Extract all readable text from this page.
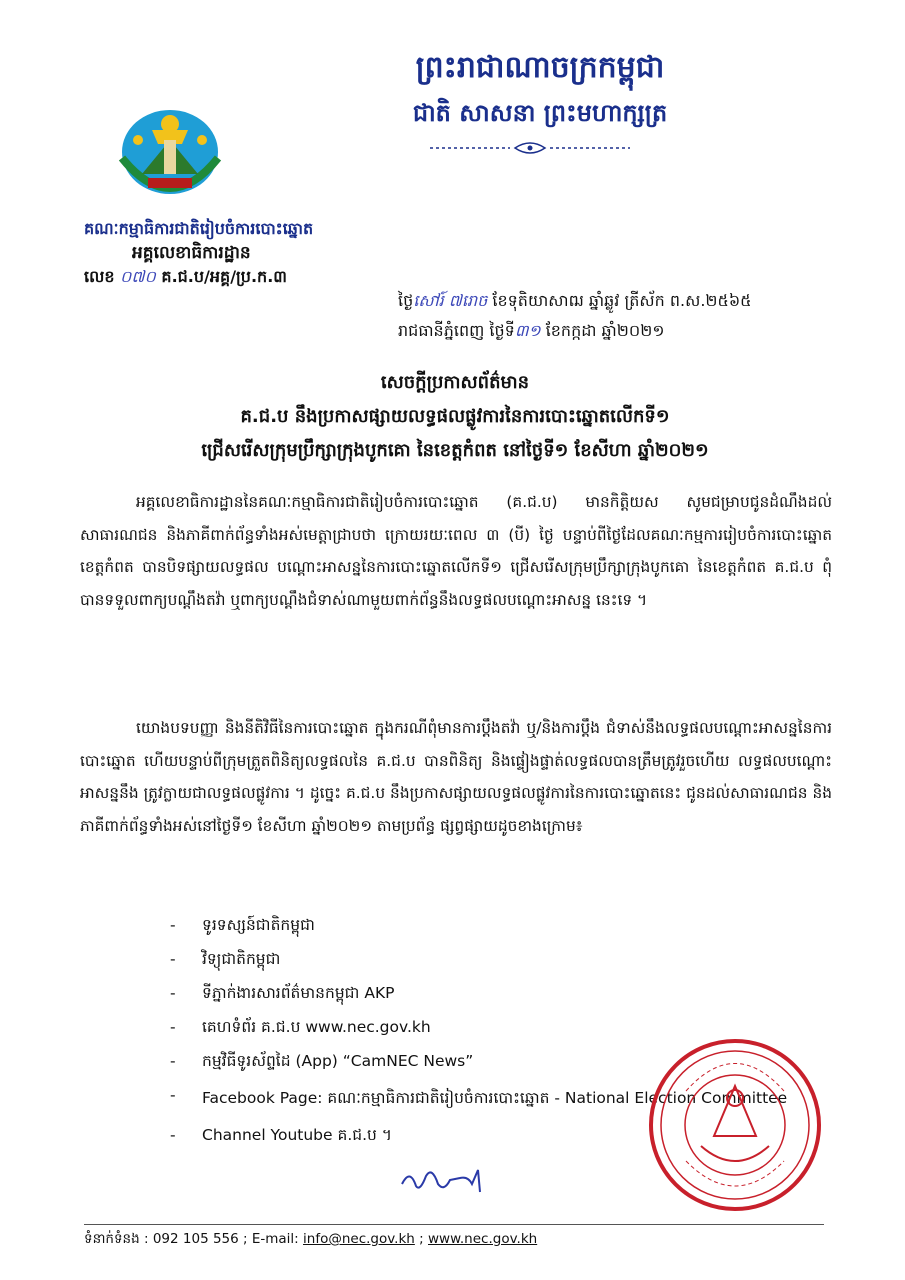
ព្រះរាជាណាចក្រកម្ពុជា
ជាតិ សាសនា ព្រះមហាក្សត្រ
គណៈកម្មាធិការជាតិរៀបចំការបោះឆ្នោត
អគ្គលេខាធិការដ្ឋាន
លេខ ០៧០ គ.ជ.ប/អគ្គ/ប្រ.ក.៣
ថ្ងៃសៅរ៍ ៧រោច ខែទុតិយាសាឍ ឆ្នាំឆ្លូវ ត្រីស័ក ព.ស.២៥៦៥
រាជធានីភ្នំពេញ ថ្ងៃទី៣១ ខែកក្កដា ឆ្នាំ២០២១
សេចក្តីប្រកាសព័ត៌មាន
គ.ជ.ប នឹងប្រកាសផ្សាយលទ្ធផលផ្លូវការនៃការបោះឆ្នោតលើកទី១
ជ្រើសរើសក្រុមប្រឹក្សាក្រុងបូកគោ នៃខេត្តកំពត នៅថ្ងៃទី១ ខែសីហា ឆ្នាំ២០២១
អគ្គលេខាធិការដ្ឋាននៃគណៈកម្មាធិការជាតិរៀបចំការបោះឆ្នោត (គ.ជ.ប) មានកិត្តិយស សូមជម្រាបជូនដំណឹងដល់សាធារណជន និងភាគីពាក់ព័ន្ធទាំងអស់មេត្តាជ្រាបថា ក្រោយរយៈពេល ៣ (បី) ថ្ងៃ បន្ទាប់ពីថ្ងៃដែលគណៈកម្មការរៀបចំការបោះឆ្នោត ខេត្តកំពត បានបិទផ្សាយលទ្ធផល បណ្តោះអាសន្ននៃការបោះឆ្នោតលើកទី១ ជ្រើសរើសក្រុមប្រឹក្សាក្រុងបូកគោ នៃខេត្តកំពត គ.ជ.ប ពុំបានទទួលពាក្យបណ្តឹងតវ៉ា ឬពាក្យបណ្តឹងជំទាស់ណាមួយពាក់ព័ន្ធនឹងលទ្ធផលបណ្តោះអាសន្ន នេះទេ ។
យោងបទបញ្ញា និងនីតិវិធីនៃការបោះឆ្នោត ក្នុងករណីពុំមានការប្តឹងតវ៉ា ឬ/និងការប្តឹង ជំទាស់នឹងលទ្ធផលបណ្តោះអាសន្ននៃការបោះឆ្នោត ហើយបន្ទាប់ពីក្រុមត្រួតពិនិត្យលទ្ធផលនៃ គ.ជ.ប បានពិនិត្យ និងផ្ទៀងផ្ទាត់លទ្ធផលបានត្រឹមត្រូវរួចហើយ លទ្ធផលបណ្តោះអាសន្ននឹង ត្រូវក្លាយជាលទ្ធផលផ្លូវការ ។ ដូច្នេះ គ.ជ.ប នឹងប្រកាសផ្សាយលទ្ធផលផ្លូវការនៃការបោះឆ្នោតនេះ ជូនដល់សាធារណជន និងភាគីពាក់ព័ន្ធទាំងអស់នៅថ្ងៃទី១ ខែសីហា ឆ្នាំ២០២១ តាមប្រព័ន្ធ ផ្សព្វផ្សាយដូចខាងក្រោម៖
-	ទូរទស្សន៍ជាតិកម្ពុជា
-	វិទ្យុជាតិកម្ពុជា
-	ទីភ្នាក់ងារសារព័ត៌មានកម្ពុជា AKP
-	គេហទំព័រ គ.ជ.ប www.nec.gov.kh
-	កម្មវិធីទូរស័ព្ទដៃ (App) “CamNEC News”
-	Facebook Page: គណៈកម្មាធិការជាតិរៀបចំការបោះឆ្នោត - National Election Committee
-	Channel Youtube គ.ជ.ប ។
ទំនាក់ទំនង : 092 105 556 ; E-mail: info@nec.gov.kh ; www.nec.gov.kh
